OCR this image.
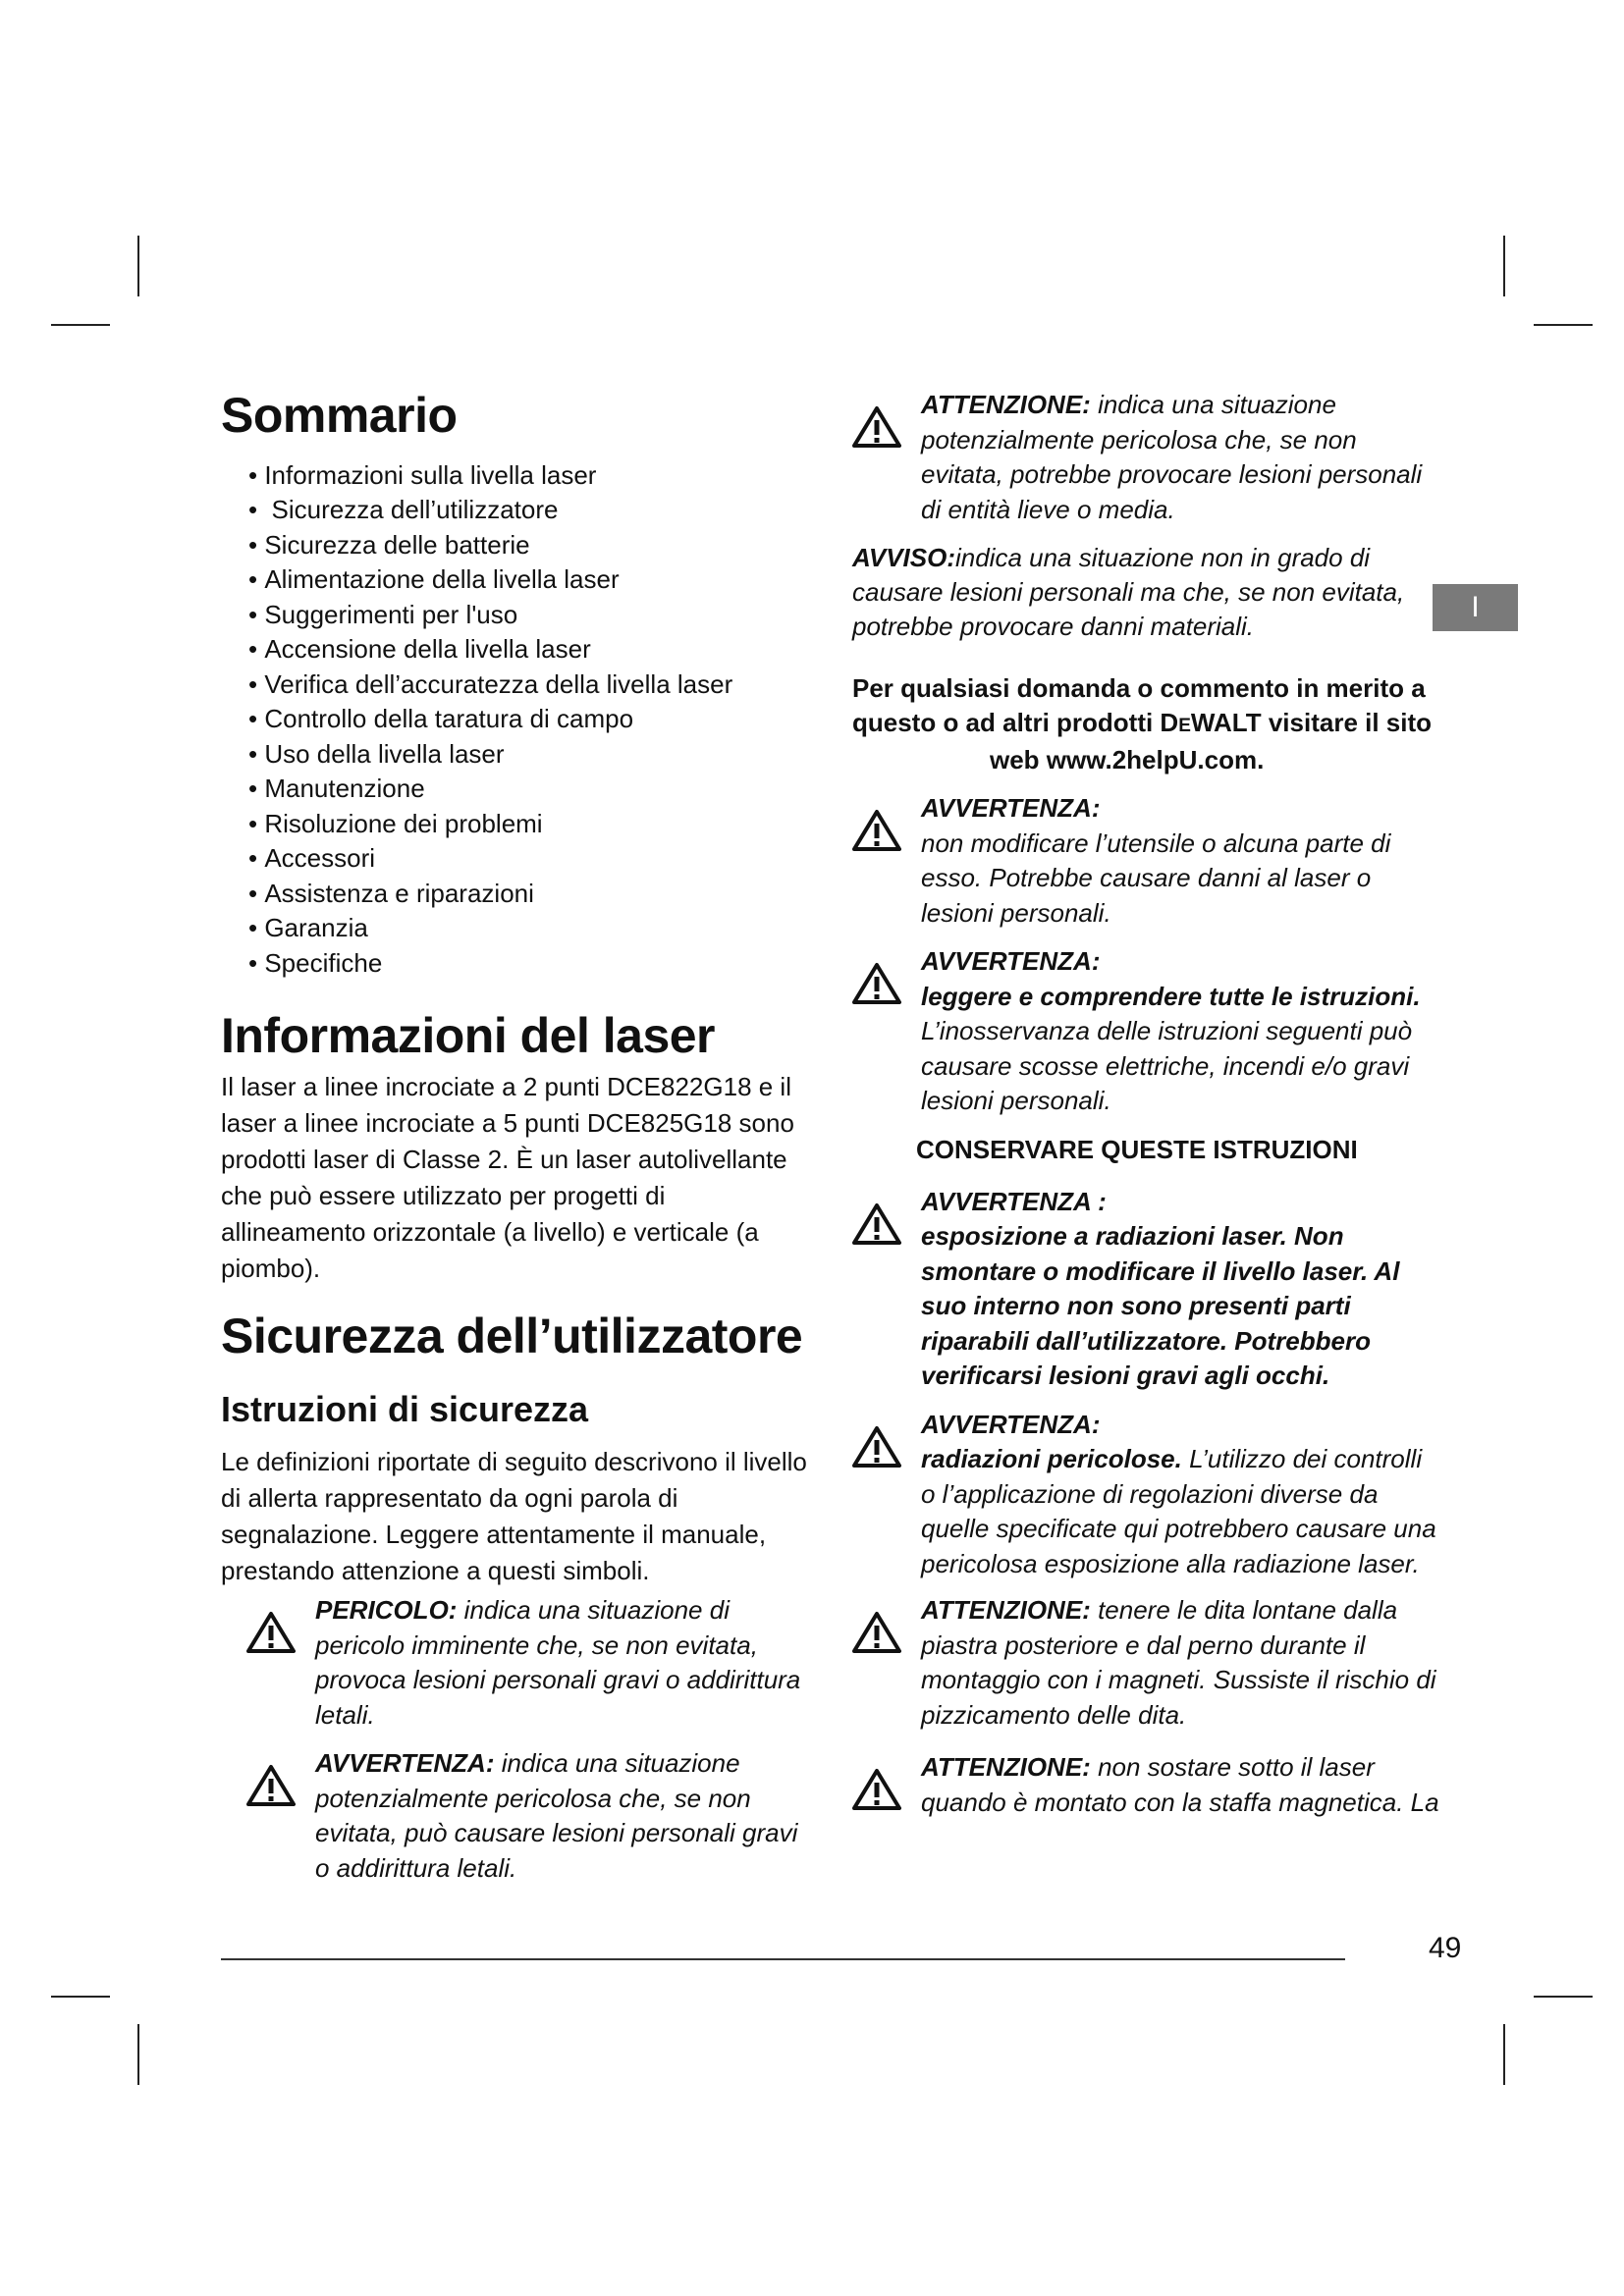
Sommario
• Informazioni sulla livella laser
•  Sicurezza dell’utilizzatore
• Sicurezza delle batterie
• Alimentazione della livella laser
• Suggerimenti per l'uso
• Accensione della livella laser
• Verifica dell’accuratezza della livella laser
• Controllo della taratura di campo
• Uso della livella laser
• Manutenzione
• Risoluzione dei problemi
• Accessori
• Assistenza e riparazioni
• Garanzia
• Specifiche
Informazioni del laser

Il laser a linee incrociate a 2 punti DCE822G18 e il laser a linee incrociate a 5 punti DCE825G18 sono prodotti laser di Classe 2. È un laser autolivellante che può essere utilizzato per progetti di allineamento orizzontale (a livello) e verticale (a piombo).

Sicurezza dell’utilizzatore
Istruzioni di sicurezza

Le definizioni riportate di seguito descrivono il livello di allerta rappresentato da ogni parola di segnalazione. Leggere attentamente il manuale, prestando attenzione a questi simboli.

PERICOLO: indica una situazione di pericolo imminente che, se non evitata, provoca lesioni personali gravi o addirittura letali.

AVVERTENZA: indica una situazione potenzialmente pericolosa che, se non evitata, può causare lesioni personali gravi o addirittura letali.

ATTENZIONE: indica una situazione potenzialmente pericolosa che, se non evitata, potrebbe provocare lesioni personali di entità lieve o media.

AVVISO:indica una situazione non in grado di causare lesioni personali ma che, se non evitata, potrebbe provocare danni materiali.

Per qualsiasi domanda o commento in merito a
questo o ad altri prodotti DEWALT visitare il sito
web www.2helpU.com.

AVVERTENZA:
non modificare l’utensile o alcuna parte di esso. Potrebbe causare danni al laser o lesioni personali.

AVVERTENZA:
leggere e comprendere tutte le istruzioni.
L’inosservanza delle istruzioni seguenti può causare scosse elettriche, incendi e/o gravi lesioni personali.

CONSERVARE QUESTE ISTRUZIONI

AVVERTENZA :
esposizione a radiazioni laser. Non smontare o modificare il livello laser. Al suo interno non sono presenti parti riparabili dall’utilizzatore. Potrebbero verificarsi lesioni gravi agli occhi.

AVVERTENZA:
radiazioni pericolose. L’utilizzo dei controlli o l’applicazione di regolazioni diverse da quelle specificate qui potrebbero causare una pericolosa esposizione alla radiazione laser.

ATTENZIONE: tenere le dita lontane dalla piastra posteriore e dal perno durante il montaggio con i magneti. Sussiste il rischio di pizzicamento delle dita.

ATTENZIONE: non sostare sotto il laser quando è montato con la staffa magnetica. La

I
49
